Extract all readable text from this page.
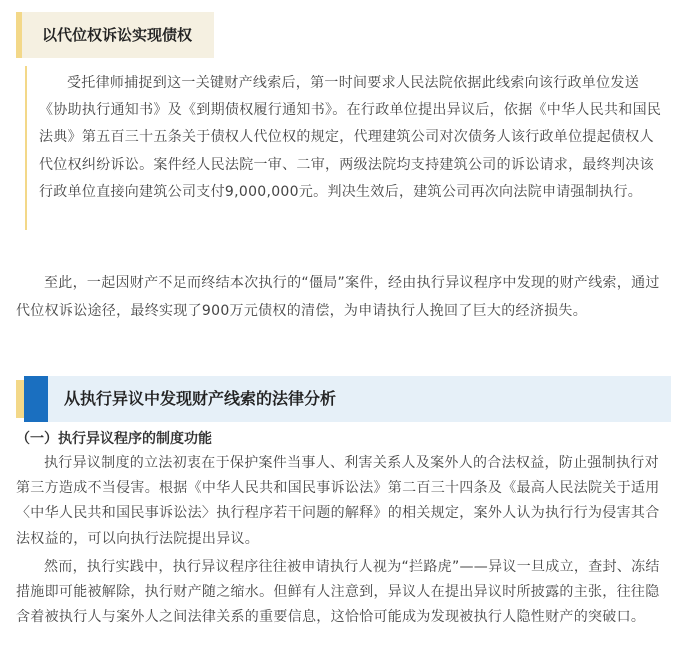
以代位权诉讼实现债权

受托律师捕捉到这一关键财产线索后，第一时间要求人民法院依据此线索向该行政单位发送《协助执行通知书》及《到期债权履行通知书》。在行政单位提出异议后，依据《中华人民共和国民法典》第五百三十五条关于债权人代位权的规定，代理建筑公司对次债务人该行政单位提起债权人代位权纠纷诉讼。案件经人民法院一审、二审，两级法院均支持建筑公司的诉讼请求，最终判决该行政单位直接向建筑公司支付9,000,000元。判决生效后，建筑公司再次向法院申请强制执行。

至此，一起因财产不足而终结本次执行的“僵局”案件，经由执行异议程序中发现的财产线索，通过代位权诉讼途径，最终实现了900万元债权的清偿，为申请执行人挽回了巨大的经济损失。

从执行异议中发现财产线索的法律分析

（一）执行异议程序的制度功能

执行异议制度的立法初衷在于保护案件当事人、利害关系人及案外人的合法权益，防止强制执行对第三方造成不当侵害。根据《中华人民共和国民事诉讼法》第二百三十四条及《最高人民法院关于适用〈中华人民共和国民事诉讼法〉执行程序若干问题的解释》的相关规定，案外人认为执行行为侵害其合法权益的，可以向执行法院提出异议。

然而，执行实践中，执行异议程序往往被申请执行人视为“拦路虎”——异议一旦成立，查封、冻结措施即可能被解除，执行财产随之缩水。但鲜有人注意到，异议人在提出异议时所披露的主张，往往隐含着被执行人与案外人之间法律关系的重要信息，这恰恰可能成为发现被执行人隐性财产的突破口。
